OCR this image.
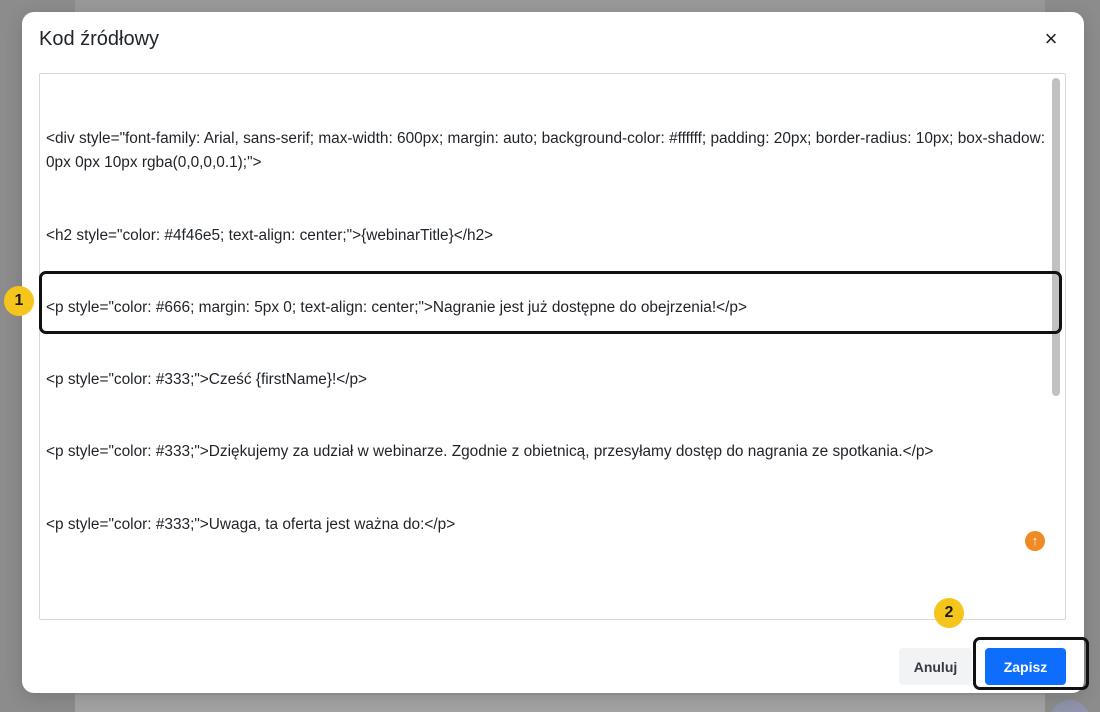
Kod źródłowy	×

<div style="font-family: Arial, sans-serif; max-width: 600px; margin: auto; background-color: #ffffff; padding: 20px; border-radius: 10px; box-shadow: 0px 0px 10px rgba(0,0,0,0.1);">

<h2 style="color: #4f46e5; text-align: center;">{webinarTitle}</h2>

<p style="color: #666; margin: 5px 0; text-align: center;">Nagranie jest już dostępne do obejrzenia!</p>

<p style="color: #333;">Cześć {firstName}!</p>

<p style="color: #333;">Dziękujemy za udział w webinarze. Zgodnie z obietnicą, przesyłamy dostęp do nagrania ze spotkania.</p>

<p style="color: #333;">Uwaga, ta oferta jest ważna do:</p>

↑
1
Anuluj	Zapisz
2
